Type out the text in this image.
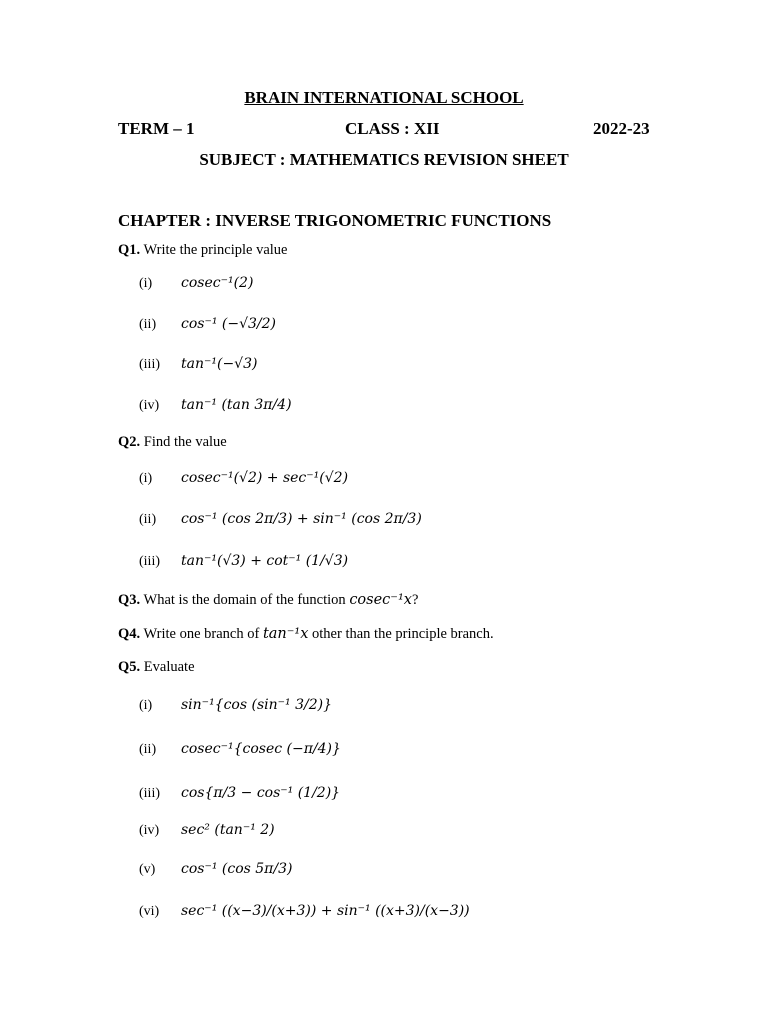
BRAIN INTERNATIONAL SCHOOL
TERM – 1	CLASS : XII	2022-23
SUBJECT : MATHEMATICS REVISION SHEET
CHAPTER : INVERSE TRIGONOMETRIC FUNCTIONS
Q1. Write the principle value
(i) cosec⁻¹(2)
(ii) cos⁻¹ (−√3/2)
(iii) tan⁻¹(−√3)
(iv) tan⁻¹ (tan 3π/4)
Q2. Find the value
(i) cosec⁻¹(√2) + sec⁻¹(√2)
(ii) cos⁻¹ (cos 2π/3) + sin⁻¹ (cos 2π/3)
(iii) tan⁻¹(√3) + cot⁻¹ (1/√3)
Q3. What is the domain of the function cosec⁻¹x?
Q4. Write one branch of tan⁻¹x other than the principle branch.
Q5. Evaluate
(i) sin⁻¹{cos (sin⁻¹ 3/2)}
(ii) cosec⁻¹{cosec (−π/4)}
(iii) cos{π/3 − cos⁻¹ (1/2)}
(iv) sec² (tan⁻¹ 2)
(v) cos⁻¹ (cos 5π/3)
(vi) sec⁻¹ ((x−3)/(x+3)) + sin⁻¹ ((x+3)/(x−3))
